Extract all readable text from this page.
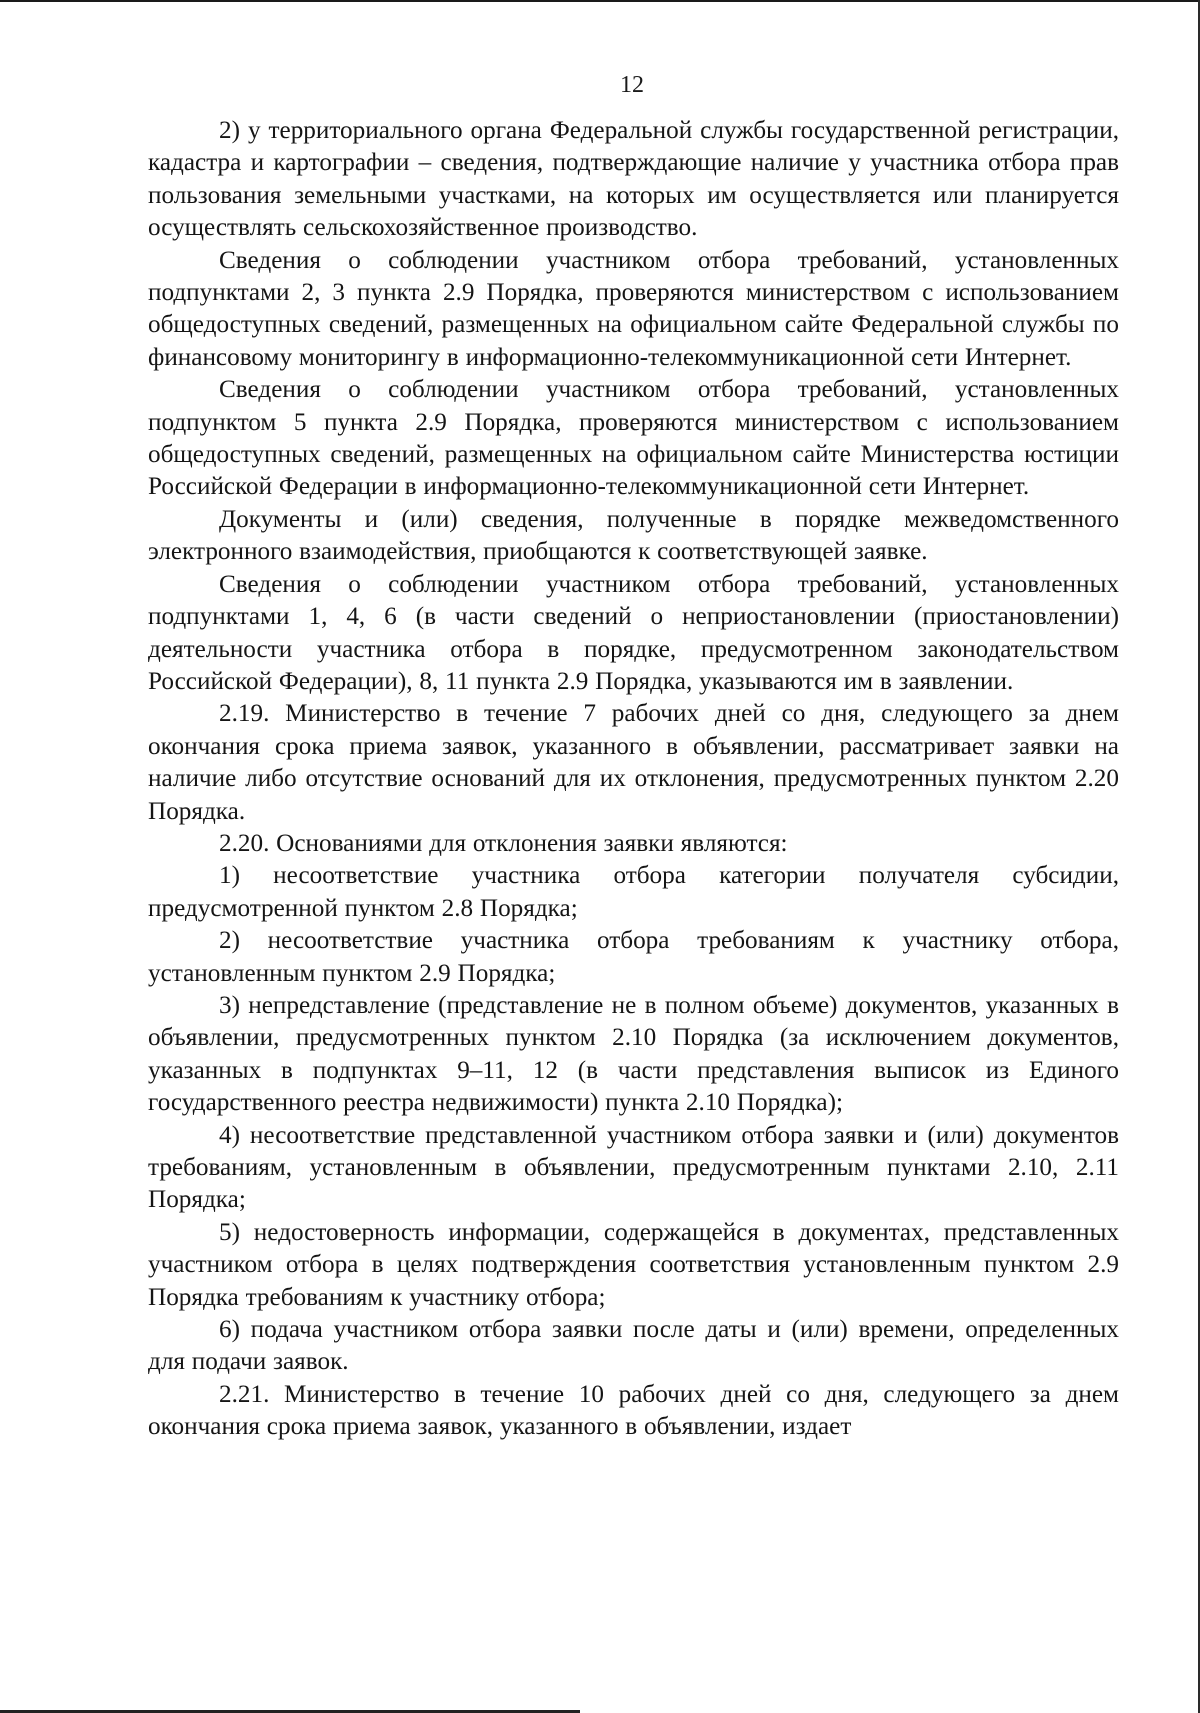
12

2) у территориального органа Федеральной службы государственной регистрации, кадастра и картографии – сведения, подтверждающие наличие у участника отбора прав пользования земельными участками, на которых им осуществляется или планируется осуществлять сельскохозяйственное производство.

Сведения о соблюдении участником отбора требований, установленных подпунктами 2, 3 пункта 2.9 Порядка, проверяются министерством с использованием общедоступных сведений, размещенных на официальном сайте Федеральной службы по финансовому мониторингу в информационно-телекоммуникационной сети Интернет.

Сведения о соблюдении участником отбора требований, установленных подпунктом 5 пункта 2.9 Порядка, проверяются министерством с использованием общедоступных сведений, размещенных на официальном сайте Министерства юстиции Российской Федерации в информационно-телекоммуникационной сети Интернет.

Документы и (или) сведения, полученные в порядке межведомственного электронного взаимодействия, приобщаются к соответствующей заявке.

Сведения о соблюдении участником отбора требований, установленных подпунктами 1, 4, 6 (в части сведений о неприостановлении (приостановлении) деятельности участника отбора в порядке, предусмотренном законодательством Российской Федерации), 8, 11 пункта 2.9 Порядка, указываются им в заявлении.

2.19. Министерство в течение 7 рабочих дней со дня, следующего за днем окончания срока приема заявок, указанного в объявлении, рассматривает заявки на наличие либо отсутствие оснований для их отклонения, предусмотренных пунктом 2.20 Порядка.

2.20. Основаниями для отклонения заявки являются:

1) несоответствие участника отбора категории получателя субсидии, предусмотренной пунктом 2.8 Порядка;

2) несоответствие участника отбора требованиям к участнику отбора, установленным пунктом 2.9 Порядка;

3) непредставление (представление не в полном объеме) документов, указанных в объявлении, предусмотренных пунктом 2.10 Порядка (за исключением документов, указанных в подпунктах 9–11, 12 (в части представления выписок из Единого государственного реестра недвижимости) пункта 2.10 Порядка);

4) несоответствие представленной участником отбора заявки и (или) документов требованиям, установленным в объявлении, предусмотренным пунктами 2.10, 2.11 Порядка;

5) недостоверность информации, содержащейся в документах, представленных участником отбора в целях подтверждения соответствия установленным пунктом 2.9 Порядка требованиям к участнику отбора;

6) подача участником отбора заявки после даты и (или) времени, определенных для подачи заявок.

2.21. Министерство в течение 10 рабочих дней со дня, следующего за днем окончания срока приема заявок, указанного в объявлении, издает
